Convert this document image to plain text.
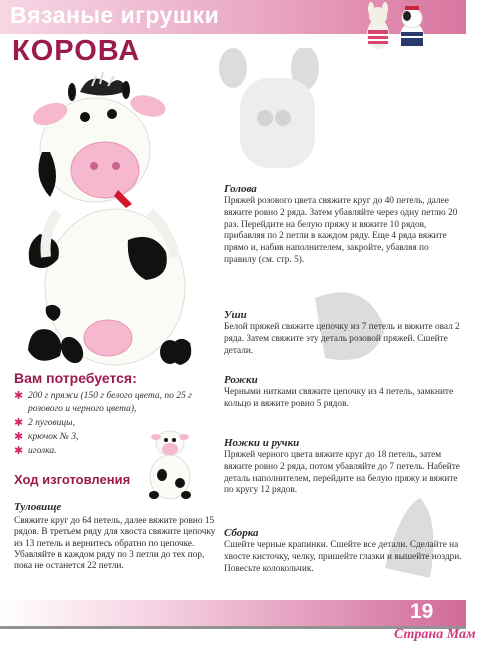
Вязаные игрушки
КОРОВА
Вам потребуется:
✱ 200 г пряжи (150 г белого цвета, по 25 г розового и черного цвета),
✱ 2 пуговицы,
✱ крючок № 3,
✱ иголка.
Ход изготовления
Туловище
Свяжите круг до 64 петель, далее вяжите ровно 15 рядов. В третьем ряду для хвоста свяжите цепочку из 13 петель и вернитесь обратно по цепочке. Убавляйте в каждом ряду по 3 петли до тех пор, пока не останется 22 петли.
Голова
Пряжей розового цвета свяжите круг до 40 петель, далее вяжите ровно 2 ряда. Затем убавляйте через одну петлю 20 раз. Перейдите на белую пряжу и вяжите 10 рядов, прибавляя по 2 петли в каждом ряду. Еще 4 ряда вяжите прямо и, набив наполнителем, закройте, убавляя по правилу (см. стр. 5).
Уши
Белой пряжей свяжите цепочку из 7 петель и вяжите овал 2 ряда. Затем свяжите эту деталь розовой пряжей. Сшейте детали.
Рожки
Черными нитками свяжите цепочку из 4 петель, замкните кольцо и вяжите ровно 5 рядов.
Ножки и ручки
Пряжей черного цвета вяжите круг до 18 петель, затем вяжите ровно 2 ряда, потом убавляйте до 7 петель. Набейте деталь наполнителем, перейдите на белую пряжу и вяжите по кругу 12 рядов.
Сборка
Сшейте черные крапинки. Сшейте все детали. Сделайте на хвосте кисточку, челку, пришейте глазки и вышейте ноздри. Повесьте колокольчик.
19
Страна Мам
